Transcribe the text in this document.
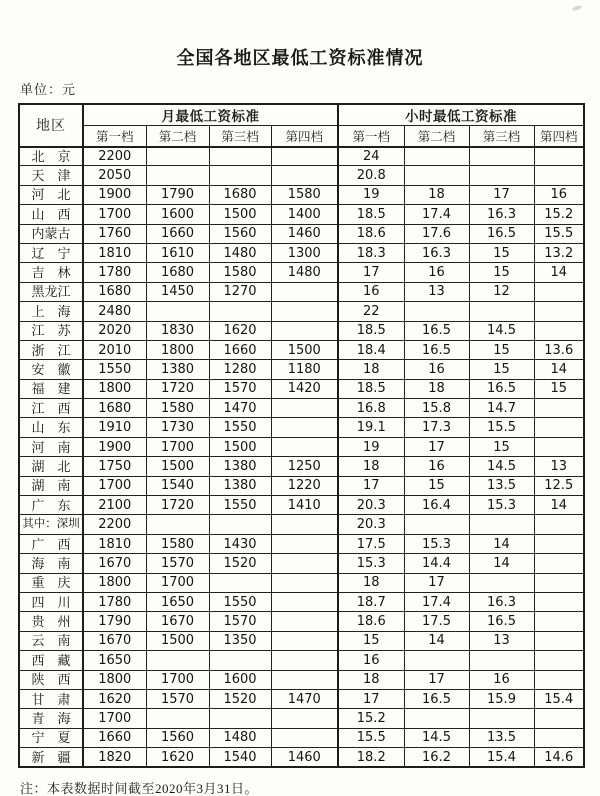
全国各地区最低工资标准情况
单位：元
地区	月最低工资标准				小时最低工资标准			
	第一档	第二档	第三档	第四档	第一档	第二档	第三档	第四档
北　京	2200				24			
天　津	2050				20.8			
河　北	1900	1790	1680	1580	19	18	17	16
山　西	1700	1600	1500	1400	18.5	17.4	16.3	15.2
内蒙古	1760	1660	1560	1460	18.6	17.6	16.5	15.5
辽　宁	1810	1610	1480	1300	18.3	16.3	15	13.2
吉　林	1780	1680	1580	1480	17	16	15	14
黑龙江	1680	1450	1270		16	13	12	
上　海	2480				22			
江　苏	2020	1830	1620		18.5	16.5	14.5	
浙　江	2010	1800	1660	1500	18.4	16.5	15	13.6
安　徽	1550	1380	1280	1180	18	16	15	14
福　建	1800	1720	1570	1420	18.5	18	16.5	15
江　西	1680	1580	1470		16.8	15.8	14.7	
山　东	1910	1730	1550		19.1	17.3	15.5	
河　南	1900	1700	1500		19	17	15	
湖　北	1750	1500	1380	1250	18	16	14.5	13
湖　南	1700	1540	1380	1220	17	15	13.5	12.5
广　东	2100	1720	1550	1410	20.3	16.4	15.3	14
其中：深圳	2200				20.3			
广　西	1810	1580	1430		17.5	15.3	14	
海　南	1670	1570	1520		15.3	14.4	14	
重　庆	1800	1700			18	17		
四　川	1780	1650	1550		18.7	17.4	16.3	
贵　州	1790	1670	1570		18.6	17.5	16.5	
云　南	1670	1500	1350		15	14	13	
西　藏	1650				16			
陕　西	1800	1700	1600		18	17	16	
甘　肃	1620	1570	1520	1470	17	16.5	15.9	15.4
青　海	1700				15.2			
宁　夏	1660	1560	1480		15.5	14.5	13.5	
新　疆	1820	1620	1540	1460	18.2	16.2	15.4	14.6
注：本表数据时间截至2020年3月31日。
